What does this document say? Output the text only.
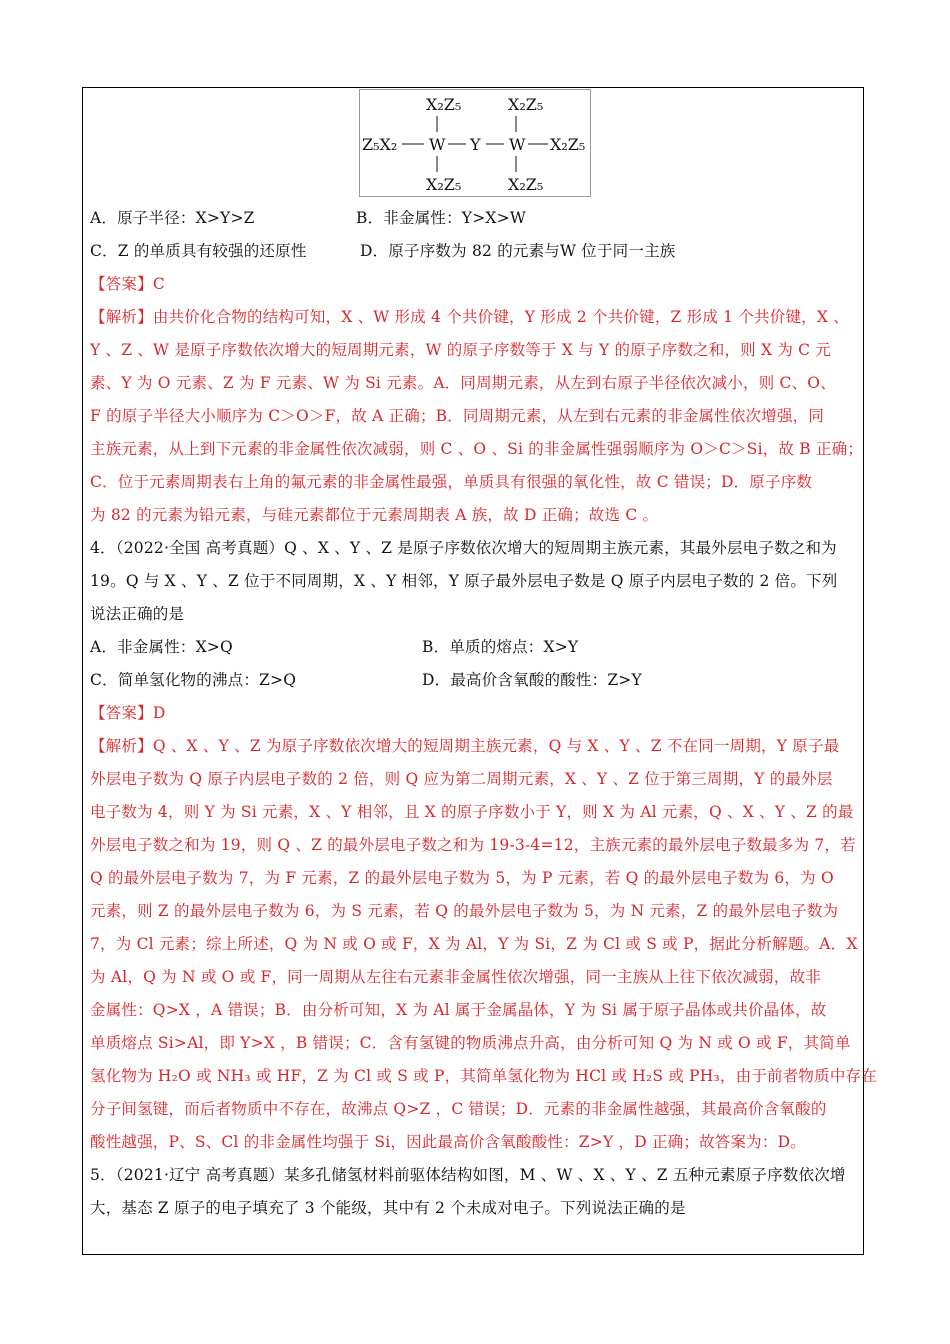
X₂Z₅	X₂Z₅
Z₅X₂ W Y W X₂Z₅
X₂Z₅	X₂Z₅
A．原子半径：X>Y>Z	B．非金属性：Y>X>W
C．Z 的单质具有较强的还原性	D．原子序数为 82 的元素与W 位于同一主族
【答案】C
【解析】由共价化合物的结构可知，X 、W 形成 4 个共价键，Y 形成 2 个共价键，Z 形成 1 个共价键，X 、
Y 、Z 、W 是原子序数依次增大的短周期元素，W 的原子序数等于 X 与 Y 的原子序数之和，则 X 为 C 元
素、Y 为 O 元素、Z 为 F 元素、W 为 Si 元素。A．同周期元素，从左到右原子半径依次减小，则 C、O、
F 的原子半径大小顺序为 C＞O＞F，故 A 正确；B．同周期元素，从左到右元素的非金属性依次增强，同
主族元素，从上到下元素的非金属性依次减弱，则 C 、O 、Si 的非金属性强弱顺序为 O＞C＞Si，故 B 正确；
C．位于元素周期表右上角的氟元素的非金属性最强，单质具有很强的氧化性，故 C 错误；D．原子序数
为 82 的元素为铅元素，与硅元素都位于元素周期表 A 族，故 D 正确；故选 C 。
4．（2022·全国 高考真题）Q 、X 、Y 、Z 是原子序数依次增大的短周期主族元素，其最外层电子数之和为
19。Q 与 X 、Y 、Z 位于不同周期，X 、Y 相邻，Y 原子最外层电子数是 Q 原子内层电子数的 2 倍。下列
说法正确的是
A．非金属性：X>Q	B．单质的熔点：X>Y
C．简单氢化物的沸点：Z>Q	D．最高价含氧酸的酸性：Z>Y
【答案】D
【解析】Q 、X 、Y 、Z 为原子序数依次增大的短周期主族元素，Q 与 X 、Y 、Z 不在同一周期，Y 原子最
外层电子数为 Q 原子内层电子数的 2 倍，则 Q 应为第二周期元素，X 、Y 、Z 位于第三周期，Y 的最外层
电子数为 4，则 Y 为 Si 元素，X 、Y 相邻，且 X 的原子序数小于 Y，则 X 为 Al 元素，Q 、X 、Y 、Z 的最
外层电子数之和为 19，则 Q 、Z 的最外层电子数之和为 19-3-4=12，主族元素的最外层电子数最多为 7，若
Q 的最外层电子数为 7，为 F 元素，Z 的最外层电子数为 5，为 P 元素，若 Q 的最外层电子数为 6，为 O
元素，则 Z 的最外层电子数为 6，为 S 元素，若 Q 的最外层电子数为 5，为 N 元素，Z 的最外层电子数为
7，为 Cl 元素；综上所述，Q 为 N 或 O 或 F，X 为 Al，Y 为 Si，Z 为 Cl 或 S 或 P，据此分析解题。A．X
为 Al，Q 为 N 或 O 或 F，同一周期从左往右元素非金属性依次增强，同一主族从上往下依次减弱，故非
金属性：Q>X ，A 错误；B．由分析可知，X 为 Al 属于金属晶体，Y 为 Si 属于原子晶体或共价晶体，故
单质熔点 Si>Al，即 Y>X ，B 错误；C．含有氢键的物质沸点升高，由分析可知 Q 为 N 或 O 或 F，其简单
氢化物为 H₂O 或 NH₃ 或 HF，Z 为 Cl 或 S 或 P，其简单氢化物为 HCl 或 H₂S 或 PH₃，由于前者物质中存在
分子间氢键，而后者物质中不存在，故沸点 Q>Z ，C 错误；D．元素的非金属性越强，其最高价含氧酸的
酸性越强，P、S、Cl 的非金属性均强于 Si，因此最高价含氧酸酸性：Z>Y ，D 正确；故答案为：D。
5．（2021·辽宁 高考真题）某多孔储氢材料前驱体结构如图，M 、W 、X 、Y 、Z 五种元素原子序数依次增
大，基态 Z 原子的电子填充了 3 个能级，其中有 2 个未成对电子。下列说法正确的是
